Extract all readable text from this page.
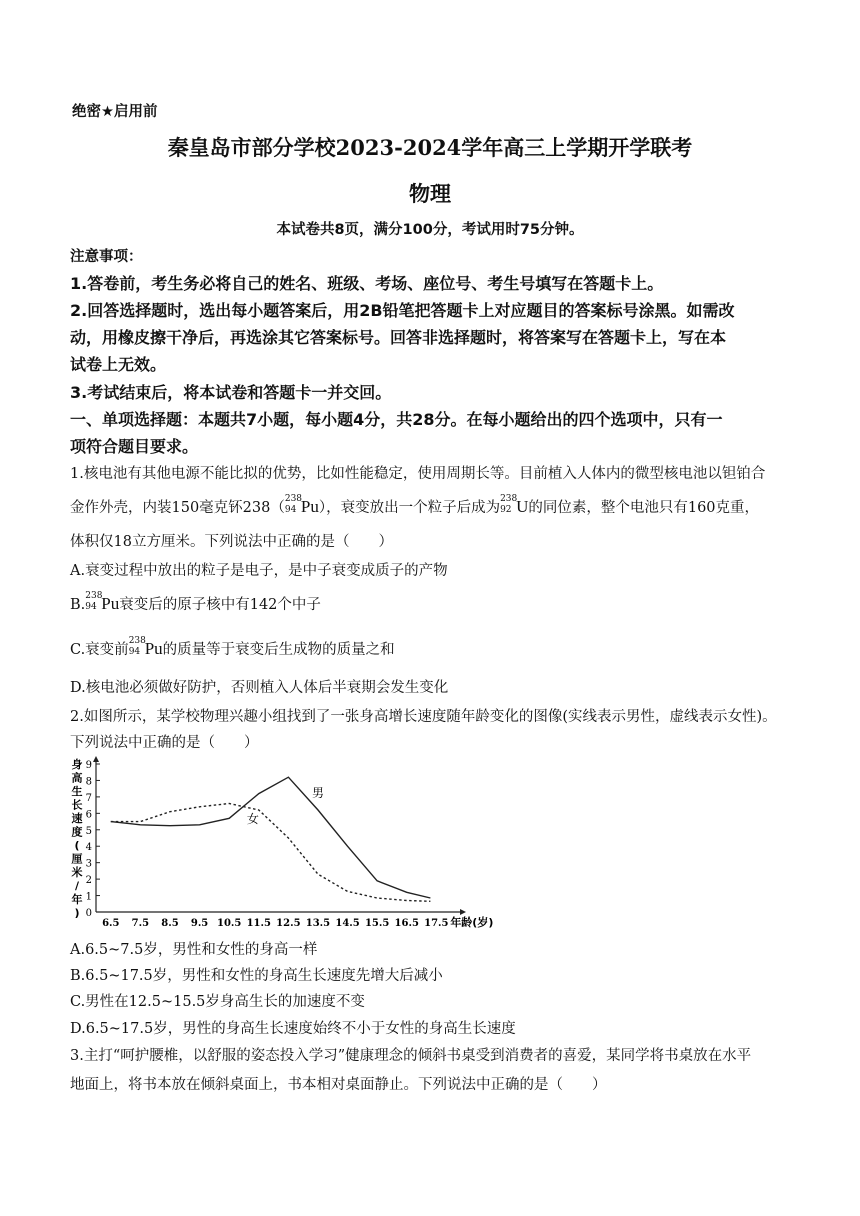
绝密★启用前
秦皇岛市部分学校2023-2024学年高三上学期开学联考
物理
本试卷共8页，满分100分，考试用时75分钟。
注意事项：
1.答卷前，考生务必将自己的姓名、班级、考场、座位号、考生号填写在答题卡上。
2.回答选择题时，选出每小题答案后，用2B铅笔把答题卡上对应题目的答案标号涂黑。如需改
动，用橡皮擦干净后，再选涂其它答案标号。回答非选择题时，将答案写在答题卡上，写在本
试卷上无效。
3.考试结束后，将本试卷和答题卡一并交回。
一、单项选择题：本题共7小题，每小题4分，共28分。在每小题给出的四个选项中，只有一
项符合题目要求。
1.核电池有其他电源不能比拟的优势，比如性能稳定，使用周期长等。目前植入人体内的微型核电池以钽铂合
金作外壳，内装150毫克钚238（
238
94 Pu），衰变放出一个粒子后成为
238
92 U的同位素，整个电池只有160克重，
体积仅18立方厘米。下列说法中正确的是（　　）
A.衰变过程中放出的粒子是电子，是中子衰变成质子的产物
B.
238
94 Pu衰变后的原子核中有142个中子
C.衰变前
238
94 Pu的质量等于衰变后生成物的质量之和
D.核电池必须做好防护，否则植入人体后半衰期会发生变化
2.如图所示，某学校物理兴趣小组找到了一张身高增长速度随年龄变化的图像(实线表示男性，虚线表示女性)。
下列说法中正确的是（　　）
0
1
2
3
4
5
6
7
8
9
6.5 7.5 8.5 9.5 10.5 11.5 12.5 13.5 14.5 15.5 16.5 17.5
身
高
生
长
速
度
(
厘
米
/
年
)
年龄(岁)
男
女
A.6.5~7.5岁，男性和女性的身高一样
B.6.5~17.5岁，男性和女性的身高生长速度先增大后减小
C.男性在12.5~15.5岁身高生长的加速度不变
D.6.5~17.5岁，男性的身高生长速度始终不小于女性的身高生长速度
3.主打“呵护腰椎，以舒服的姿态投入学习”健康理念的倾斜书桌受到消费者的喜爱，某同学将书桌放在水平
地面上，将书本放在倾斜桌面上，书本相对桌面静止。下列说法中正确的是（　　）
